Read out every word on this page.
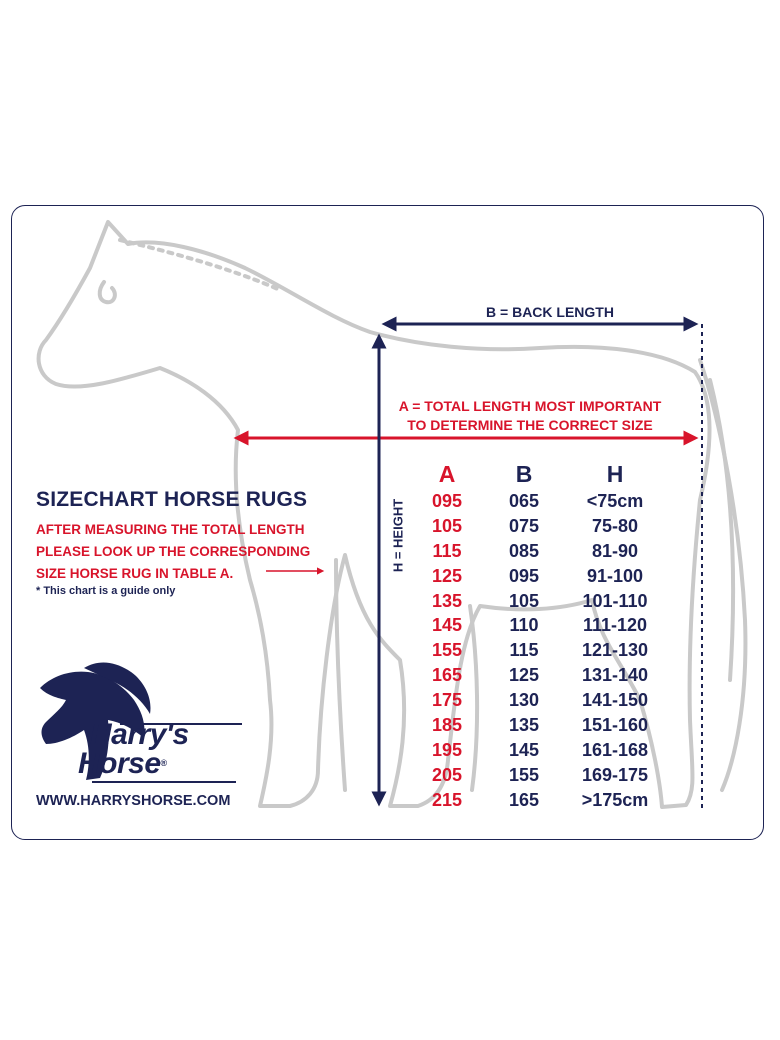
B = BACK LENGTH

A = TOTAL LENGTH MOST IMPORTANT
TO DETERMINE THE CORRECT SIZE

H = HEIGHT

SIZECHART HORSE RUGS
AFTER MEASURING THE TOTAL LENGTH
PLEASE LOOK UP THE CORRESPONDING
SIZE HORSE RUG IN TABLE A.

* This chart is a guide only

Harry's
Horse®

WWW.HARRYSHORSE.COM

A	B	H
095	065	<75cm
105	075	75-80
115	085	81-90
125	095	91-100
135	105	101-110
145	110	111-120
155	115	121-130
165	125	131-140
175	130	141-150
185	135	151-160
195	145	161-168
205	155	169-175
215	165	>175cm
